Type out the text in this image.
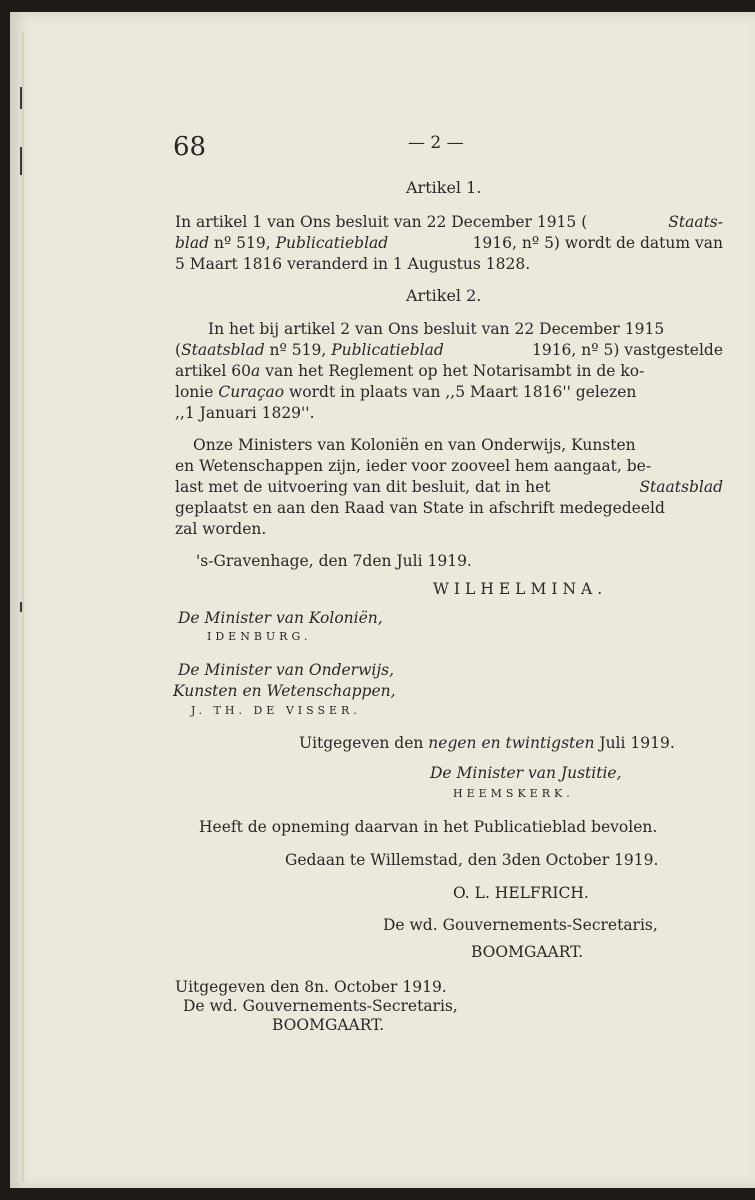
68	— 2 —
Artikel 1.
In artikel 1 van Ons besluit van 22 December 1915 (	Staats-
blad nº 519, Publicatieblad	1916, nº 5) wordt de datum van
5 Maart 1816 veranderd in 1 Augustus 1828.
Artikel 2.
In het bij artikel 2 van Ons besluit van 22 December 1915
(Staatsblad nº 519, Publicatieblad	1916, nº 5) vastgestelde
artikel 60a van het Reglement op het Notarisambt in de ko-
lonie Curaçao wordt in plaats van ,,5 Maart 1816'' gelezen
,,1 Januari 1829''.
Onze Ministers van Koloniën en van Onderwijs, Kunsten
en Wetenschappen zijn, ieder voor zooveel hem aangaat, be-
last met de uitvoering van dit besluit, dat in het	Staatsblad
geplaatst en aan den Raad van State in afschrift medegedeeld
zal worden.
's-Gravenhage, den 7den Juli 1919.
WILHELMINA.
De Minister van Koloniën,
IDENBURG.
De Minister van Onderwijs,
Kunsten en Wetenschappen,
J. TH. DE VISSER.
Uitgegeven den negen en twintigsten Juli 1919.
De Minister van Justitie,
HEEMSKERK.
Heeft de opneming daarvan in het Publicatieblad bevolen.
Gedaan te Willemstad, den 3den October 1919.
O. L. HELFRICH.
De wd. Gouvernements-Secretaris,
BOOMGAART.
Uitgegeven den 8n. October 1919.
De wd. Gouvernements-Secretaris,
BOOMGAART.
